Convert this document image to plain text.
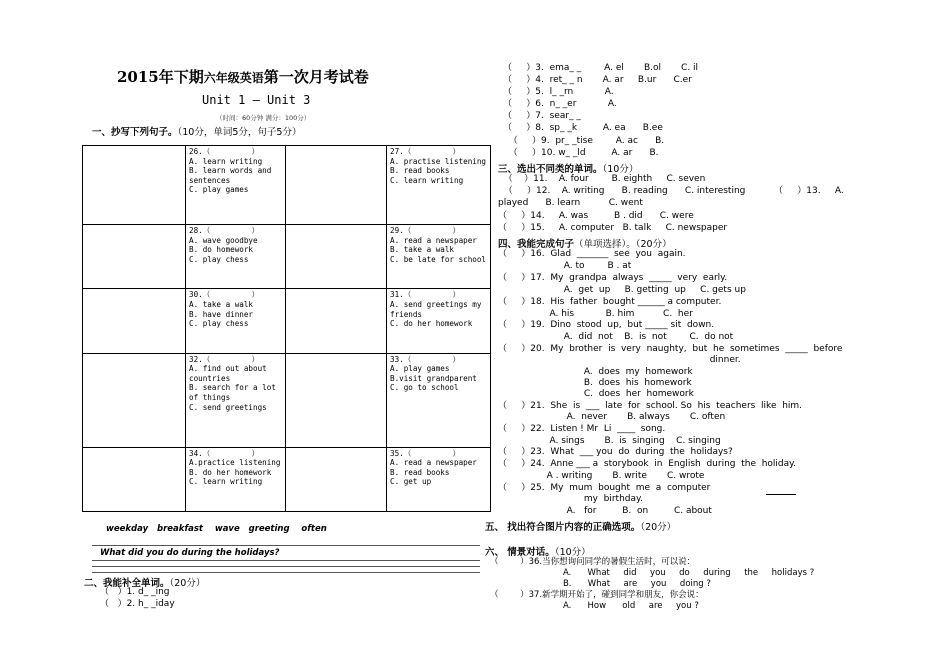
2015年下期六年级英语第一次月考试卷
Unit 1 – Unit 3
（时间：60分钟 满分：100分）
一、抄写下列句子。（10分，单词5分，句子5分）

	26.（         ）
A. learn writing
B. learn words and sentences
C. play games		27.（         ）
A. practise listening
B. read books
C. learn writing

	28.（         ）
A. wave goodbye
B. do homework
C. play chess		29.（         ）
A. read a newspaper
B. take a walk
C. be late for school

	30.（         ）
A. take a walk
B. have dinner
C. play chess		31.（         ）
A. send greetings my friends
C. do her homework

	32.（         ）
A. find out about countries
B. search for a lot of things
C. send greetings		33.（         ）
A. play games
B.visit grandparent
C. go to school

	34.（         ）
A.practice listening
B. do her homework
C. learn writing		35.（         ）
A. read a newspaper
B. read books
C. get up
weekday   breakfast    wave   greeting    often
What did you do during the holidays?
二、我能补全单词。（20分）
（   ）1. d_ _ing
（   ）2. h_ _iday
（     ）3.  ema_ _        A. el       B.ol       C. il
（     ）4.  ret_ _ n       A. ar     B.ur      C.er
（     ）5.  l_ _rn           A.
（     ）6.  n_ _er           A.
（     ）7.  sear_ _
（     ）8.  sp_ _k         A. ea      B.ee
（     ）9.  pr_ _tise        A. ac      B.
（     ）10. w_ _ld         A. ar      B.
三、选出不同类的单词。（10分）
（    ）11.    A. four        B. eighth     C. seven
（     ）12.    A. writing      B. reading      C. interesting          （     ）13.     A.
played      B. learn          C. went
（     ）14.     A. was         B . did      C. were
（     ）15.     A. computer   B. talk     C. newspaper
四、我能完成句子（单项选择）。（20分）
（     ）16.  Glad  _______  see  you  again.
A. to        B . at
（     ）17.  My  grandpa  always  _____  very  early.
A.  get  up     B. getting  up     C. gets up
（     ）18.  His  father  bought ______ a computer.
A. his           B. him          C.  her
（     ）19.  Dino  stood  up,  but _____ sit  down.
A.  did  not    B.  is  not        C.  do not
（     ）20.  My  brother  is  very  naughty,  but  he  sometimes  _____  before
dinner.
A.  does  my  homework
B.  does  his  homework
C.  does  her  homework
（     ）21.  She  is  ___  late  for  school. So  his  teachers  like  him.
A.  never       B. always       C. often
（     ）22.  Listen ! Mr  Li  ____  song.
A. sings       B.  is  singing    C. singing
（     ）23.  What  ___ you  do  during  the  holidays?
（     ）24.  Anne ___ a  storybook  in  English  during  the  holiday.
A . writing       B. write       C. wrote
（     ）25.  My  mum  bought  me  a  computer
my  birthday.
A.   for         B.  on         C. about
五、 找出符合图片内容的正确选项。（20分）
六、 情景对话。（10分）
（        ）36.当你想询问同学的暑假生活时，可以说：
A.      What     did     you     do     during     the     holidays ?
B.      What     are     you     doing ?
（        ）37.新学期开始了，碰到同学和朋友，你会说：
A.      How      old     are     you ?
